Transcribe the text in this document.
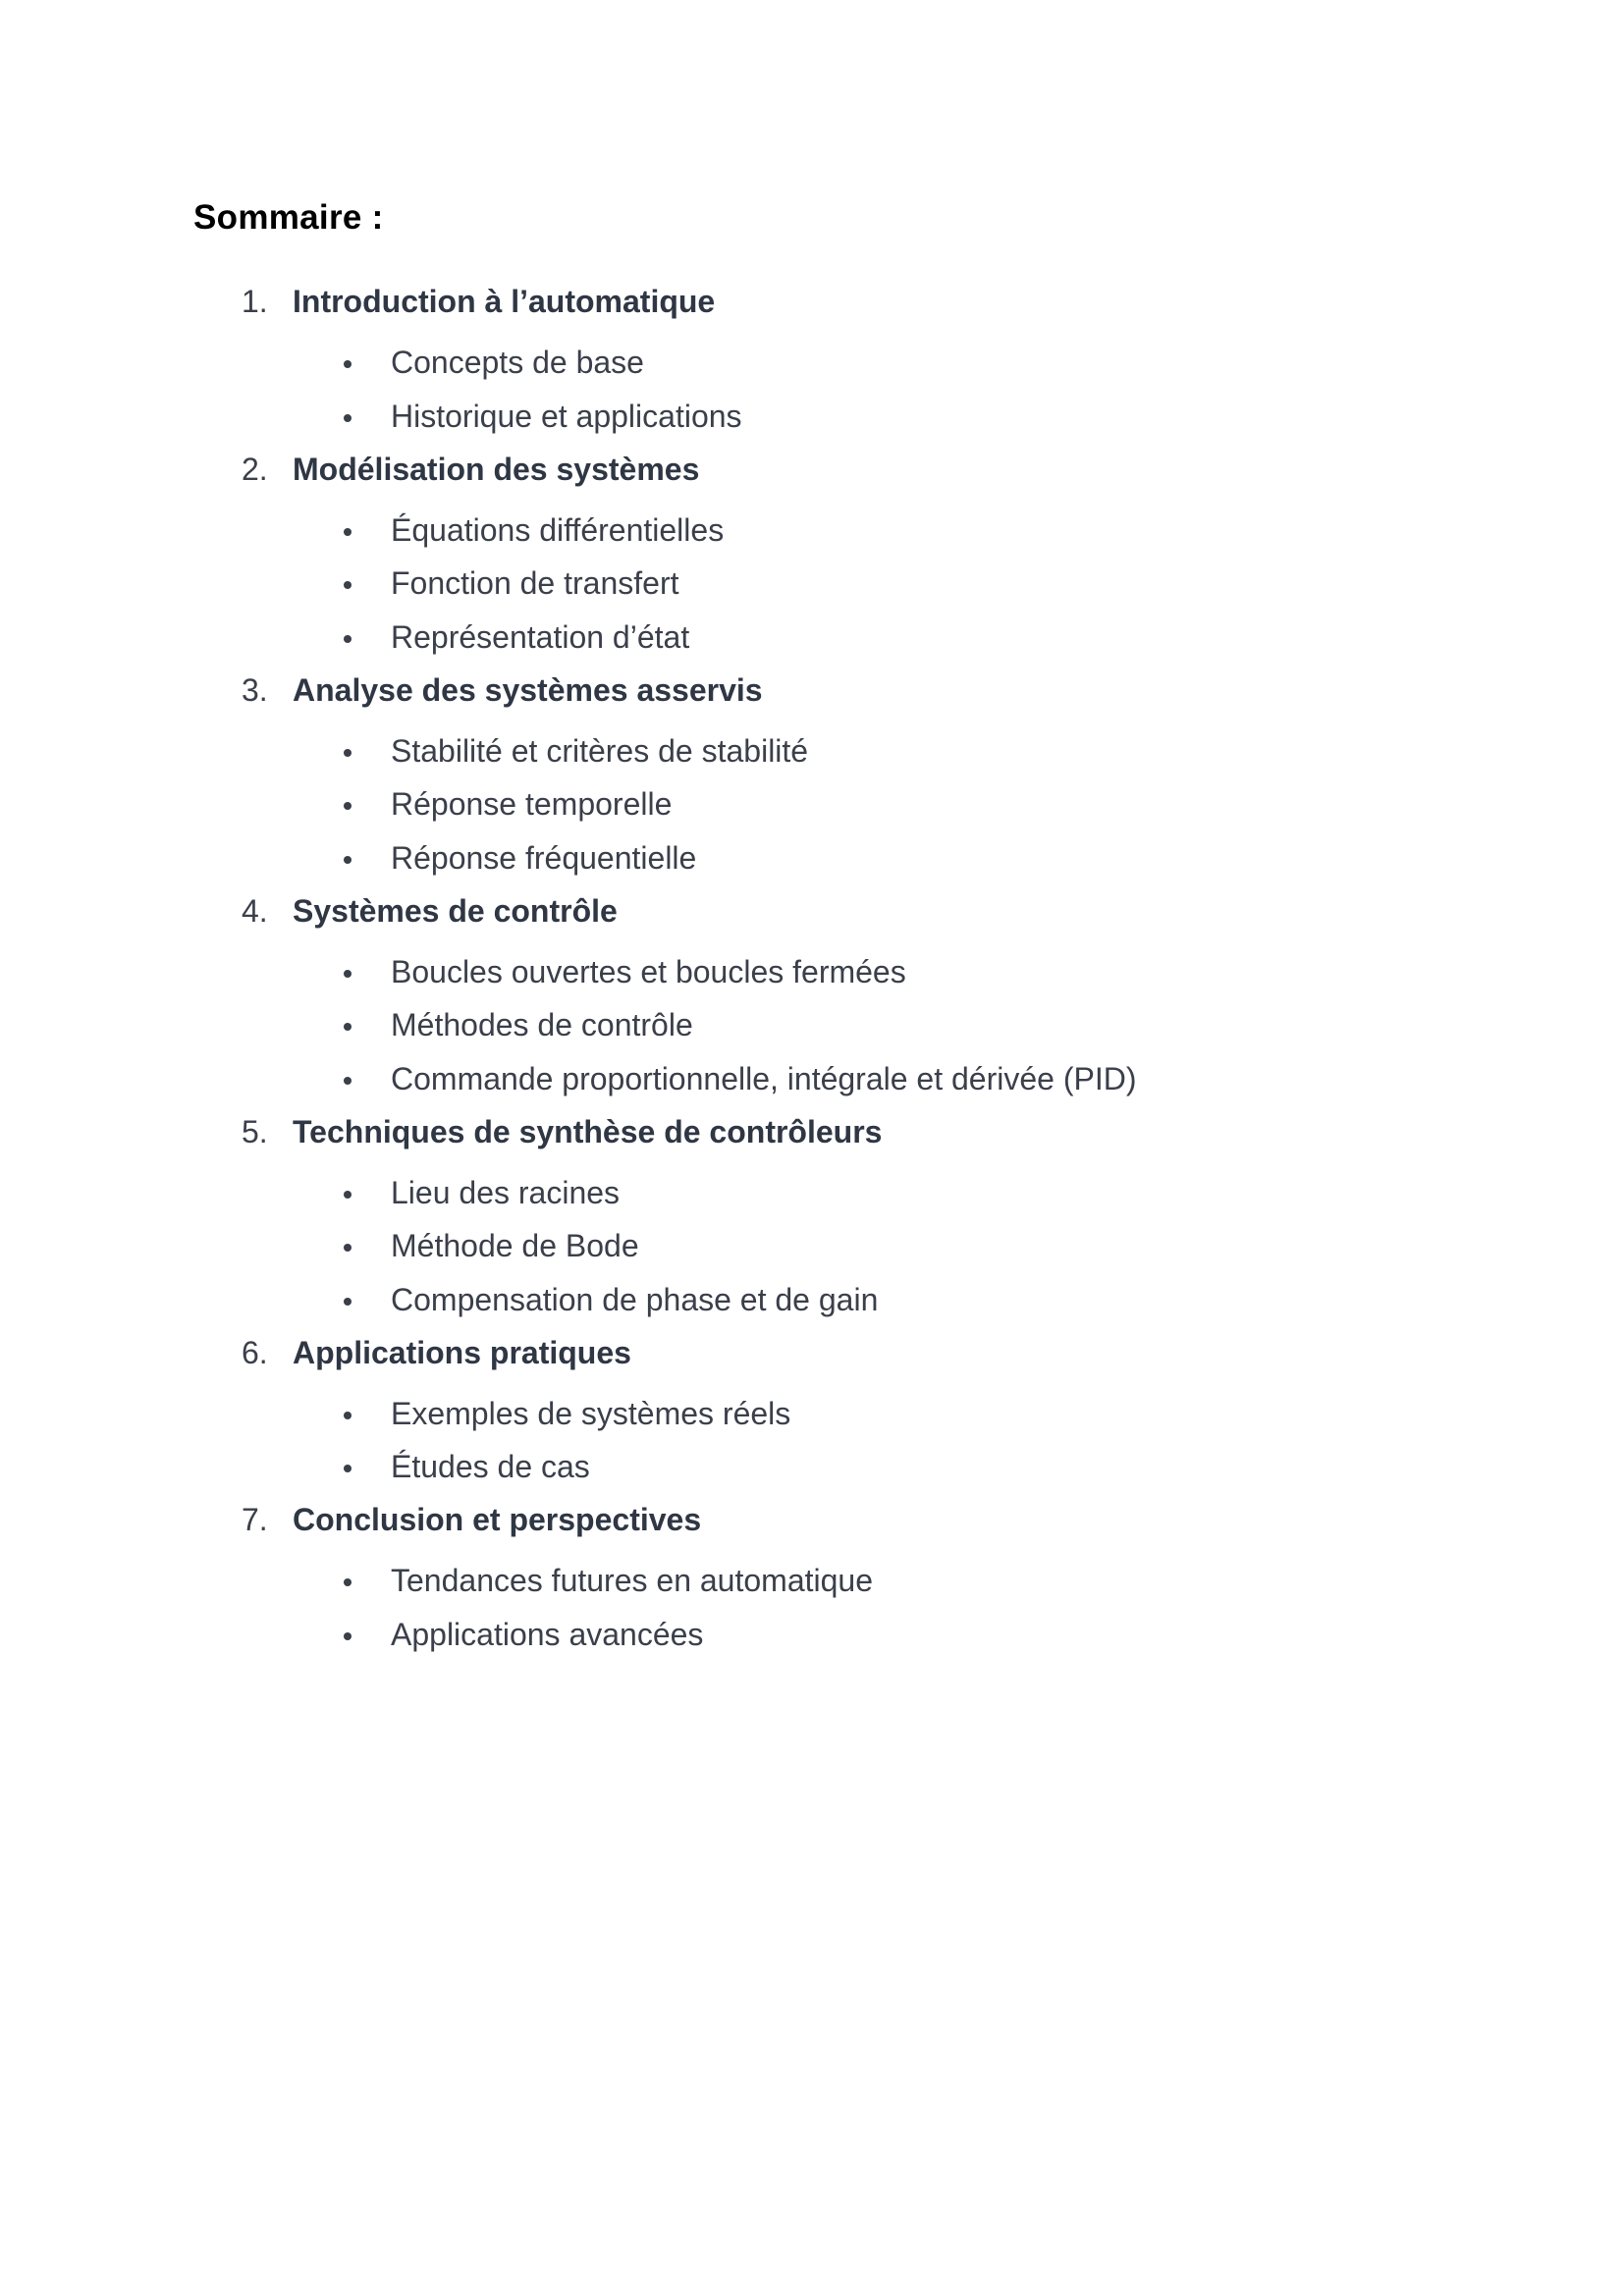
Sommaire :
1. Introduction à l’automatique
Concepts de base
Historique et applications
2. Modélisation des systèmes
Équations différentielles
Fonction de transfert
Représentation d’état
3. Analyse des systèmes asservis
Stabilité et critères de stabilité
Réponse temporelle
Réponse fréquentielle
4. Systèmes de contrôle
Boucles ouvertes et boucles fermées
Méthodes de contrôle
Commande proportionnelle, intégrale et dérivée (PID)
5. Techniques de synthèse de contrôleurs
Lieu des racines
Méthode de Bode
Compensation de phase et de gain
6. Applications pratiques
Exemples de systèmes réels
Études de cas
7. Conclusion et perspectives
Tendances futures en automatique
Applications avancées
